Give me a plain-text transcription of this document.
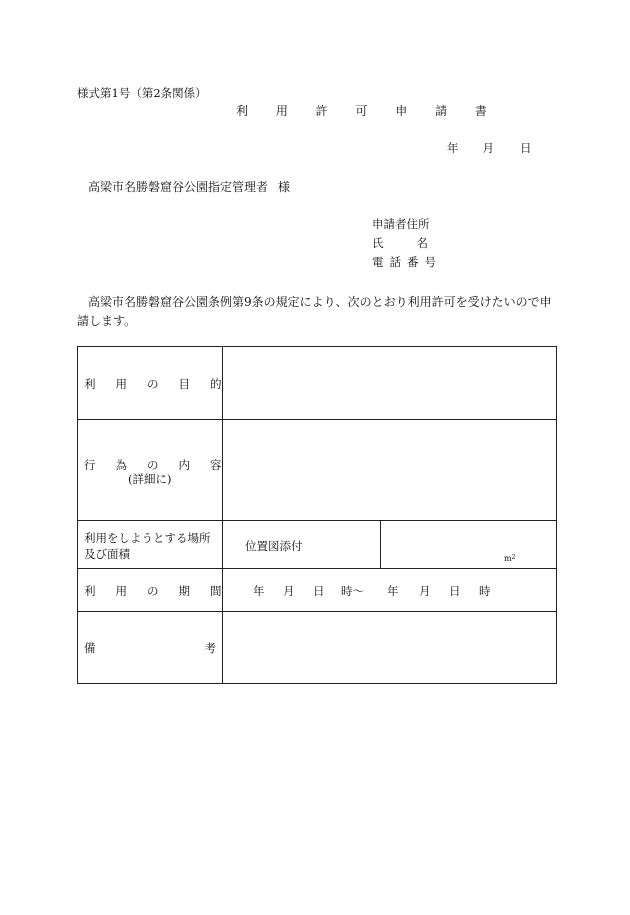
様式第1号（第2条関係）
利 用 許 可 申 請 書
年 月 日
高梁市名勝磐窟谷公園指定管理者 様
申請者住所
氏名
電話番号
高梁市名勝磐窟谷公園条例第9条の規定により、次のとおり利用許可を受けたいので申請します。
利用の目的
行為の内容
(詳細に)
利用をしようとする場所
及び面積
位置図添付
$m^2$
利用の期間 年 月 日 時～ 年 月 日 時
備	考
